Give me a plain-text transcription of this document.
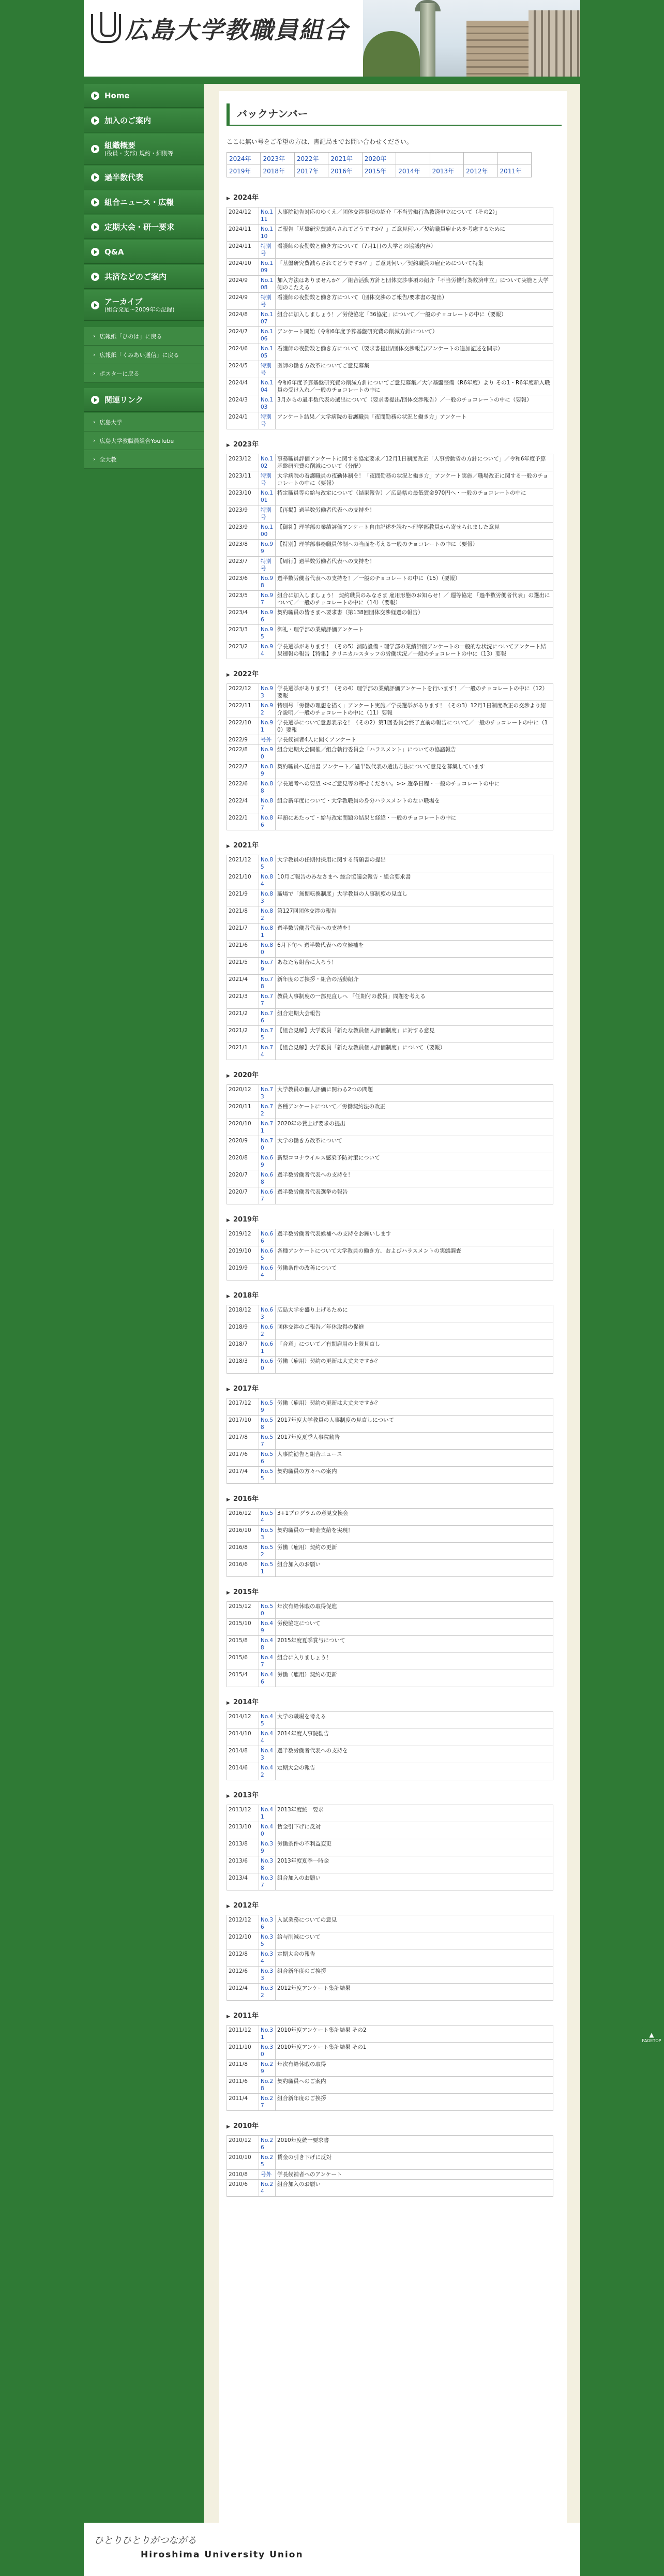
広島大学教職員組合
Home
加入のご案内
組織概要
(役員・支部) 規約・細則等
過半数代表
組合ニュース・広報
定期大会・研一要求
Q&A
共済などのご案内
アーカイブ
(組合発足〜2009年の記録)
› 広報紙「ひのは」に戻る
› 広報紙「くみあい通信」に戻る
› ポスターに戻る
関連リンク
› 広島大学
› 広島大学教職員組合YouTube
› 全大教
バックナンバー

ここに無い号をご希望の方は、書記局までお問い合わせください。

2024年	2023年	2022年	2021年	2020年
2019年	2018年	2017年	2016年	2015年	2014年	2013年	2012年	2011年
▶ 2024年
2024/12	No.111	人事院勧告対応のゆくえ／団体交渉事項の紹介「不当労働行為救済申立について（その2）」
2024/11	No.110	ご報告「基盤研究費減らされてどうですか？」ご意見何い／契約職員雇止めを考慮するために
2024/11	特別号	看護師の夜勤数と働き方について（7月1日の大学との協議内容）
2024/10	No.109	「基盤研究費減らされてどうですか？」ご意見何い／契約職員の雇止めについて特集
2024/9	No.108	加入方法はありませんか？／組合活動方針と団体交渉事項の紹介「不当労働行為救済申立」について実施と大学側のこたえる
2024/9	特別号	看護師の夜勤数と働き方について（団体交渉のご報告/要求書の提出）
2024/8	No.107	組合に加入しましょう！／労使協定「36協定」について／一般のチョコレートの中に（要報）
2024/7	No.106	アンケート開始（令和6年度予算基盤研究費の削減方針について）
2024/6	No.105	看護師の夜勤数と働き方について（要求書提出/団体交渉報告/アンケートの追加記述を開示）
2024/5	特別号	医師の働き方改革についてご意見募集
2024/4	No.104	令和6年度予算基盤研究費の削減方針についてご意見募集／大学基盤整備（R6年度）より その1・R6年度新入職員の受け入れ／一般のチョコレートの中に
2024/3	No.103	3月からの過半数代表の選出について（要求書提出/団体交渉報告）／一般のチョコレートの中に（要報）
2024/1	特別号	アンケート結果／大学病院の看護職員「夜間勤務の状況と働き方」アンケート
▶ 2023年
2023/12	No.102	事務職員評価アンケートに関する協定要求／12月1日制度改正「人事労動省の方針について」／令和6年度予算 基盤研究費の削減について（分配）
2023/11	特別号	大学病院の看護職員の夜勤体制を！「夜間勤務の状況と働き方」アンケート実施／職場改正に関する一般のチョコレートの中に（要報）
2023/10	No.101	特定職員等の給与改定について（結果報告）／広島県の最低賃金970円へ・一般のチョコレートの中に
2023/9	特別号	【再掲】過半数労働者代表への支持を！
2023/9	No.100	【御礼】理学部の業績評価アンケート自由記述を読む～理学部教員から寄せられました意見
2023/8	No.99	【特別】理学部事務職員体制への当面を考える一般のチョコレートの中に（要報）
2023/7	特別号	【周行】過半数労働者代表への支持を！
2023/6	No.98	過半数労働者代表への支持を！／一般のチョコレートの中に（15）（要報）
2023/5	No.97	組合に加入しましょう！ 契約職員のみなさま 雇用形態のお知らせ！／ 週等協定 「過半数労働者代表」の選出について／一般のチョコレートの中に（14）（要報）
2023/4	No.96	契約職員の皆さまへ要求書（第138回団体交渉経過の報告）
2023/3	No.95	御礼・理学部の業績評価アンケート
2023/2	No.94	学長選挙があります！（その5）消防設備・理学部の業績評価アンケートの一般的な状況についてアンケート結果速報の報告【特集】クリニカルスタッフの労働状況／一般のチョコレートの中に（13）要報
▶ 2022年
2022/12	No.93	学長選挙があります！（その4）理学部の業績評価アンケートを行います！／一般のチョコレートの中に（12）要報
2022/11	No.92	特別号「労働の理想を描く」アンケート実施／学長選挙があります！（その3）12月1日制度改正の交渉より紹介説明／一般のチョコレートの中に（11）要報
2022/10	No.91	学長選挙について意思表示を！（その2）第1回委員会終了直前の報告について／一般のチョコレートの中に（10）要報
2022/9	号外	学長候補者4人に聞くアンケート
2022/8	No.90	組合定期大会開催／組合執行委員会「ハラスメント」についての協議報告
2022/7	No.89	契約職員へ送信書 アンケート／過半数代表の選出方法について意見を募集しています
2022/6	No.88	学長選考への要望 <<ご意見等の寄せください。>> 選挙日程・一般のチョコレートの中に
2022/4	No.87	組合新年度について・大学教職員の身分ハラスメントのない職場を
2022/1	No.86	年頭にあたって・給与改定問題の結果と経緯・一般のチョコレートの中に
▶ 2021年
2021/12	No.85	大学教員の任期付採用に関する請願書の提出
2021/10	No.84	10月ご報告のみなさまへ 総合協議会報告・組合要求書
2021/9	No.83	職場で「無期転換制度」大学教員の人事制度の見直し
2021/8	No.82	第127回団体交渉の報告
2021/7	No.81	過半数労働者代表への支持を！
2021/6	No.80	6月下旬へ 過半数代表への立候補を
2021/5	No.79	あなたも組合に入ろう！
2021/4	No.78	新年度のご挨拶・組合の活動紹介
2021/3	No.77	教員人事制度の一部見直しへ 「任期付の教員」問題を考える
2021/2	No.76	組合定期大会報告
2021/2	No.75	【組合見解】大学教員「新たな教員個人評価制度」に対する意見
2021/1	No.74	【組合見解】大学教員「新たな教員個人評価制度」について（要報）
▶ 2020年
2020/12	No.73	大学教員の個人評価に関わる2つの問題
2020/11	No.72	各種アンケートについて／労働契約法の改正
2020/10	No.71	2020年の賃上げ要求の提出
2020/9	No.70	大学の働き方改革について
2020/8	No.69	新型コロナウイルス感染予防対策について
2020/7	No.68	過半数労働者代表への支持を！
2020/7	No.67	過半数労働者代表選挙の報告
▶ 2019年
2019/12	No.66	過半数労働者代表候補への支持をお願いします
2019/10	No.65	各種アンケートについて大学教員の働き方、およびハラスメントの実態調査
2019/9	No.64	労働条件の改善について
▶ 2018年
2018/12	No.63	広島大学を盛り上げるために
2018/9	No.62	団体交渉のご報告／年休取得の促進
2018/7	No.61	「合意」について／有期雇用の上限見直し
2018/3	No.60	労働（雇用）契約の更新は大丈夫ですか？
▶ 2017年
2017/12	No.59	労働（雇用）契約の更新は大丈夫ですか？
2017/10	No.58	2017年度大学教員の人事制度の見直しについて
2017/8	No.57	2017年度夏季人事院勧告
2017/6	No.56	人事院勧告と組合ニュース
2017/4	No.55	契約職員の方々への案内
▶ 2016年
2016/12	No.54	3+1プログラムの意見交換会
2016/10	No.53	契約職員の一時金支給を実現！
2016/8	No.52	労働（雇用）契約の更新
2016/6	No.51	組合加入のお願い
▶ 2015年
2015/12	No.50	年次有給休暇の取得促進
2015/10	No.49	労使協定について
2015/8	No.48	2015年度夏季賞与について
2015/6	No.47	組合に入りましょう！
2015/4	No.46	労働（雇用）契約の更新
▶ 2014年
2014/12	No.45	大学の職場を考える
2014/10	No.44	2014年度人事院勧告
2014/8	No.43	過半数労働者代表への支持を
2014/6	No.42	定期大会の報告
▶ 2013年
2013/12	No.41	2013年度統一要求
2013/10	No.40	賃金引下げに反対
2013/8	No.39	労働条件の不利益変更
2013/6	No.38	2013年度夏季一時金
2013/4	No.37	組合加入のお願い
▶ 2012年
2012/12	No.36	入試業務についての意見
2012/10	No.35	給与削減について
2012/8	No.34	定期大会の報告
2012/6	No.33	組合新年度のご挨拶
2012/4	No.32	2012年度アンケート集計結果
▶ 2011年
2011/12	No.31	2010年度アンケート集計結果 その2
2011/10	No.30	2010年度アンケート集計結果 その1
2011/8	No.29	年次有給休暇の取得
2011/6	No.28	契約職員へのご案内
2011/4	No.27	組合新年度のご挨拶
▶ 2010年
2010/12	No.26	2010年度統一要求書
2010/10	No.25	賃金の引き下げに反対
2010/8	号外	学長候補者へのアンケート
2010/6	No.24	組合加入のお願い
ひとりひとりがつながる
Hiroshima University Union
▲ PAGETOP
